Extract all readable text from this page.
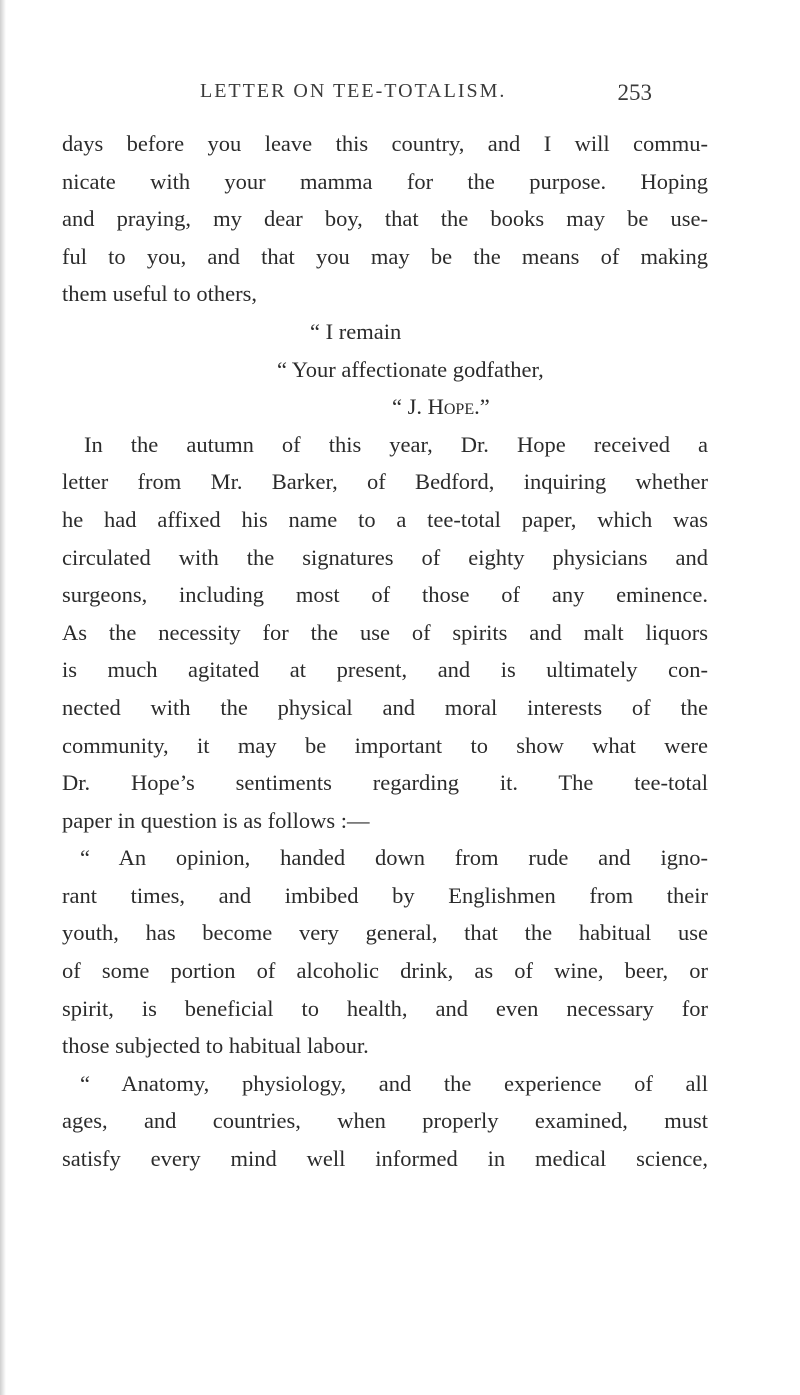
LETTER ON TEE-TOTALISM.	253
days before you leave this country, and I will commu-
nicate with your mamma for the purpose. Hoping
and praying, my dear boy, that the books may be use-
ful to you, and that you may be the means of making
them useful to others,
“ I remain
“ Your affectionate godfather,
“ J. Hope.”
In the autumn of this year, Dr. Hope received a
letter from Mr. Barker, of Bedford, inquiring whether
he had affixed his name to a tee-total paper, which was
circulated with the signatures of eighty physicians and
surgeons, including most of those of any eminence.
As the necessity for the use of spirits and malt liquors
is much agitated at present, and is ultimately con-
nected with the physical and moral interests of the
community, it may be important to show what were
Dr. Hope’s sentiments regarding it. The tee-total
paper in question is as follows :—
“ An opinion, handed down from rude and igno-
rant times, and imbibed by Englishmen from their
youth, has become very general, that the habitual use
of some portion of alcoholic drink, as of wine, beer, or
spirit, is beneficial to health, and even necessary for
those subjected to habitual labour.
“ Anatomy, physiology, and the experience of all
ages, and countries, when properly examined, must
satisfy every mind well informed in medical science,
